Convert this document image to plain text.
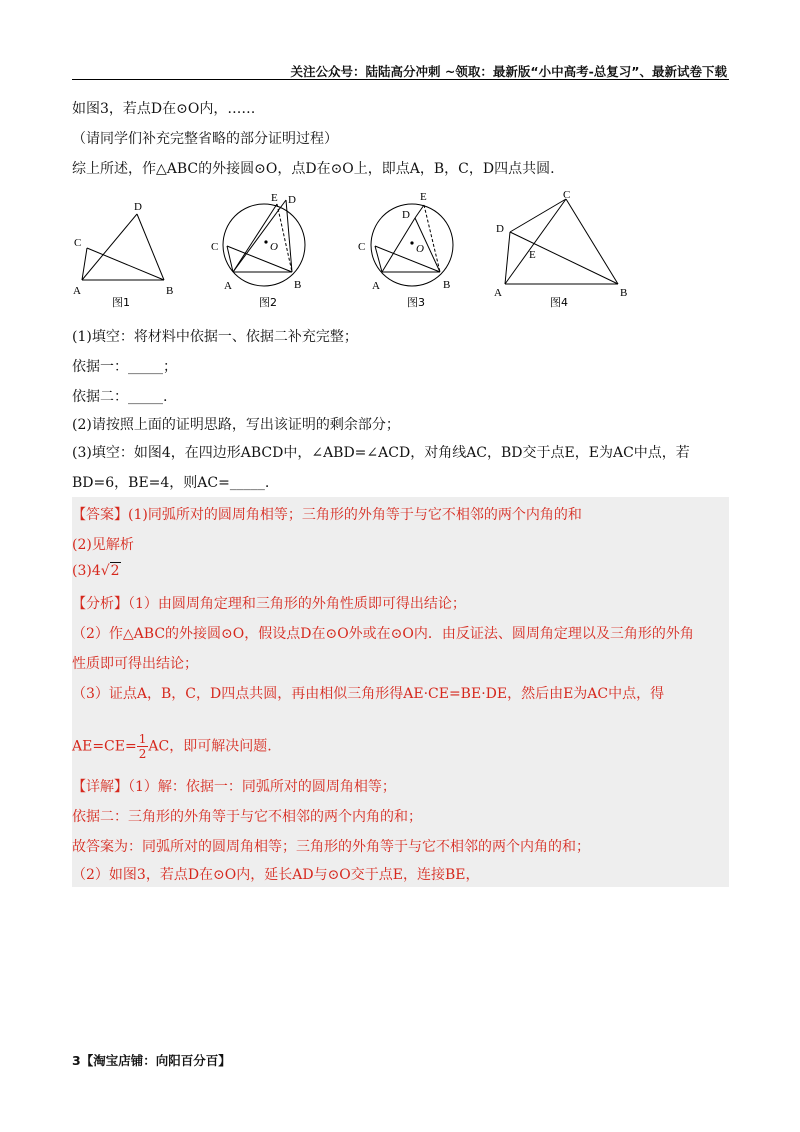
关注公众号：陆陆高分冲刺 ~领取：最新版“小中高考-总复习”、最新试卷下载
如图3，若点D在⊙O内，……
（请同学们补充完整省略的部分证明过程）
综上所述，作△ABC的外接圆⊙O，点D在⊙O上，即点A，B，C，D四点共圆.
A	B
C
D
图1
O
A	B
C
D
E
图2
O
A	B
C
D
E
图3
A	B
C
D
E
图4
(1)填空：将材料中依据一、依据二补充完整；
依据一：_____；
依据二：_____.
(2)请按照上面的证明思路，写出该证明的剩余部分；
(3)填空：如图4，在四边形ABCD中，∠ABD=∠ACD，对角线AC，BD交于点E，E为AC中点，若
BD=6，BE=4，则AC=_____.
【答案】(1)同弧所对的圆周角相等；三角形的外角等于与它不相邻的两个内角的和
(2)见解析
(3)4√2
【分析】（1）由圆周角定理和三角形的外角性质即可得出结论；
（2）作△ABC的外接圆⊙O，假设点D在⊙O外或在⊙O内．由反证法、圆周角定理以及三角形的外角
性质即可得出结论；
（3）证点A，B，C，D四点共圆，再由相似三角形得AE·CE=BE·DE，然后由E为AC中点，得
$AE=CE= \frac{1}{2}$ AC，即可解决问题.
【详解】（1）解：依据一：同弧所对的圆周角相等；
依据二：三角形的外角等于与它不相邻的两个内角的和；
故答案为：同弧所对的圆周角相等；三角形的外角等于与它不相邻的两个内角的和；
（2）如图3，若点D在⊙O内，延长AD与⊙O交于点E，连接BE，
3【淘宝店铺：向阳百分百】
